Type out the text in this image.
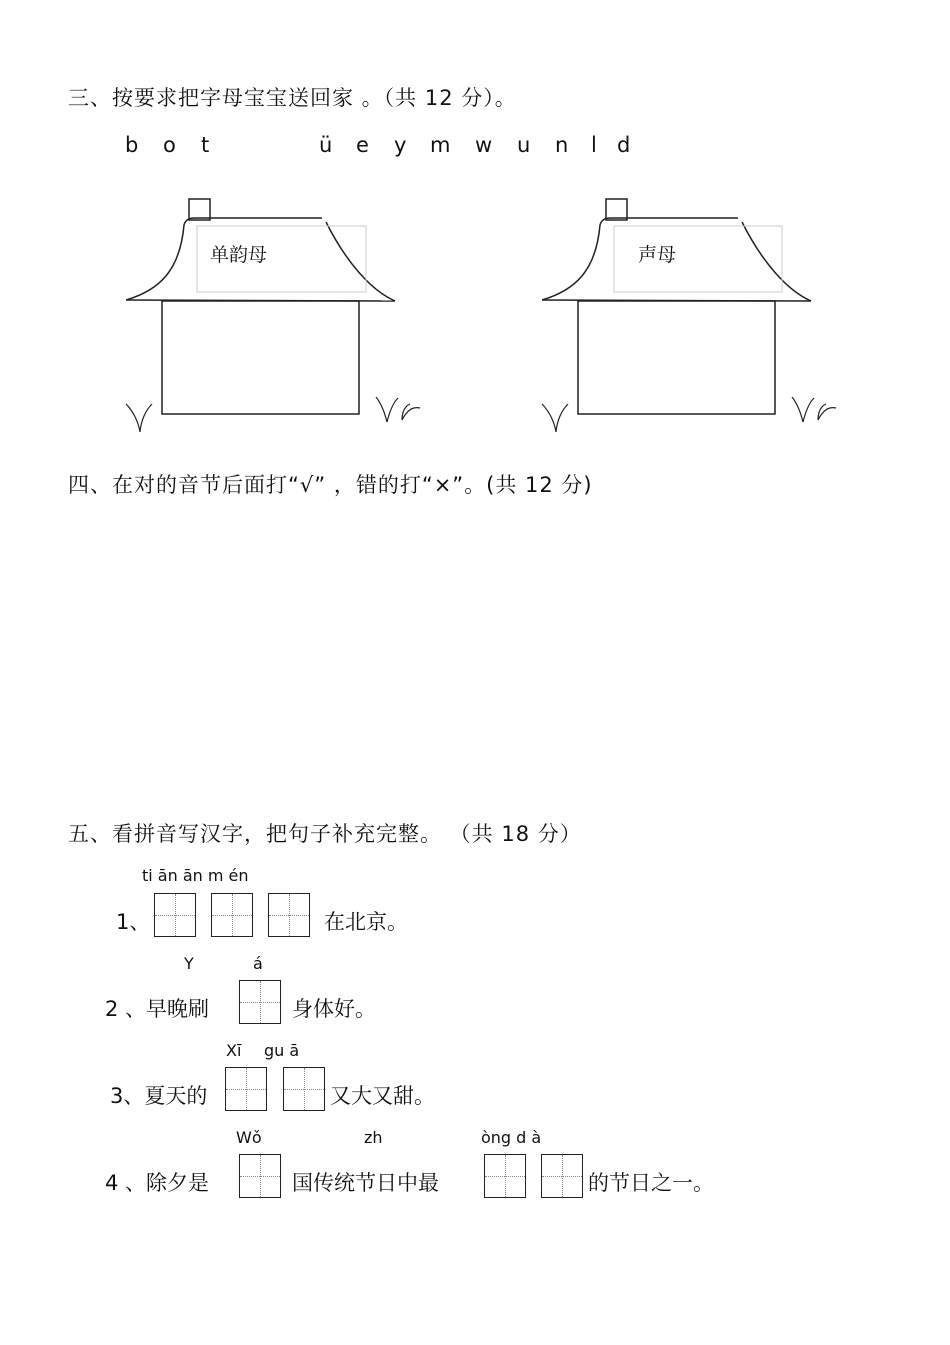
三、按要求把字母宝宝送回家 。（共 12 分）。
b o t	ü e y m w u n l d
单韵母	声母
四、在对的音节后面打“√” ，错的打“×”。(共 12 分)
五、看拼音写汉字，把句子补充完整。 （共 18 分）
ti ān ān m én
1、	在北京。
Y	á
2 、早晚刷	身体好。
Xī gu ā
3、夏天的	又大又甜。
Wǒ	zh	òng d à
4 、除夕是	国传统节日中最	的节日之一。
